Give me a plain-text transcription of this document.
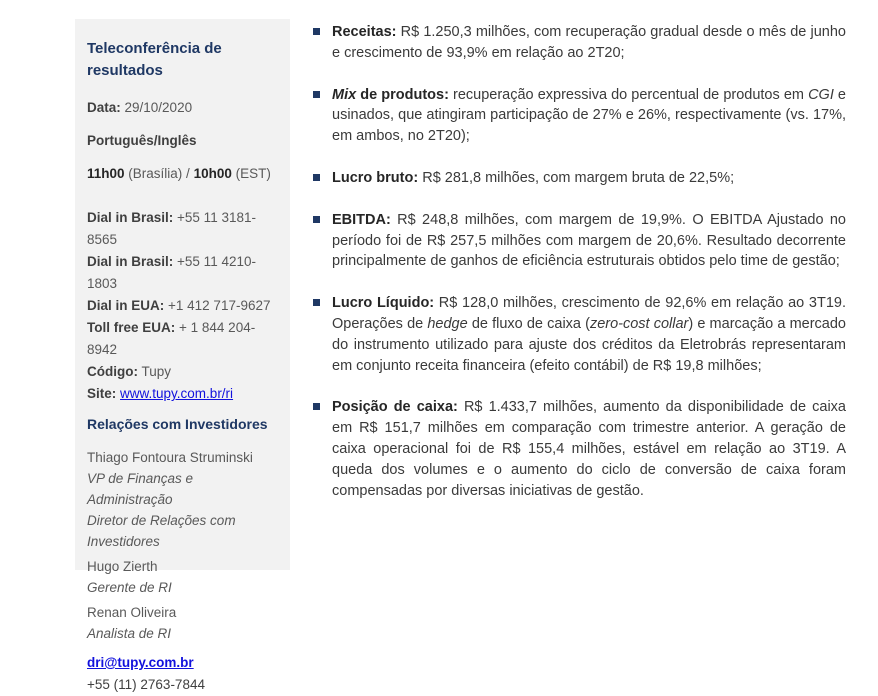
Teleconferência de resultados

Data: 29/10/2020

Português/Inglês

11h00 (Brasília) / 10h00 (EST)

Dial in Brasil: +55 11 3181-8565

Dial in Brasil: +55 11 4210-1803

Dial in EUA: +1 412 717-9627

Toll free EUA: + 1 844 204-8942

Código: Tupy

Site: www.tupy.com.br/ri

Relações com Investidores

Thiago Fontoura Struminski

VP de Finanças e Administração

Diretor de Relações com Investidores

Hugo Zierth

Gerente de RI

Renan Oliveira

Analista de RI

dri@tupy.com.br

+55 (11) 2763-7844

Receitas: R$ 1.250,3 milhões, com recuperação gradual desde o mês de junho e crescimento de 93,9% em relação ao 2T20;

Mix de produtos: recuperação expressiva do percentual de produtos em CGI e usinados, que atingiram participação de 27% e 26%, respectivamente (vs. 17%, em ambos, no 2T20);

Lucro bruto: R$ 281,8 milhões, com margem bruta de 22,5%;

EBITDA: R$ 248,8 milhões, com margem de 19,9%. O EBITDA Ajustado no período foi de R$ 257,5 milhões com margem de 20,6%. Resultado decorrente principalmente de ganhos de eficiência estruturais obtidos pelo time de gestão;

Lucro Líquido: R$ 128,0 milhões, crescimento de 92,6% em relação ao 3T19. Operações de hedge de fluxo de caixa (zero-cost collar) e marcação a mercado do instrumento utilizado para ajuste dos créditos da Eletrobrás representaram em conjunto receita financeira (efeito contábil) de R$ 19,8 milhões;

Posição de caixa: R$ 1.433,7 milhões, aumento da disponibilidade de caixa em R$ 151,7 milhões em comparação com trimestre anterior. A geração de caixa operacional foi de R$ 155,4 milhões, estável em relação ao 3T19. A queda dos volumes e o aumento do ciclo de conversão de caixa foram compensadas por diversas iniciativas de gestão.
